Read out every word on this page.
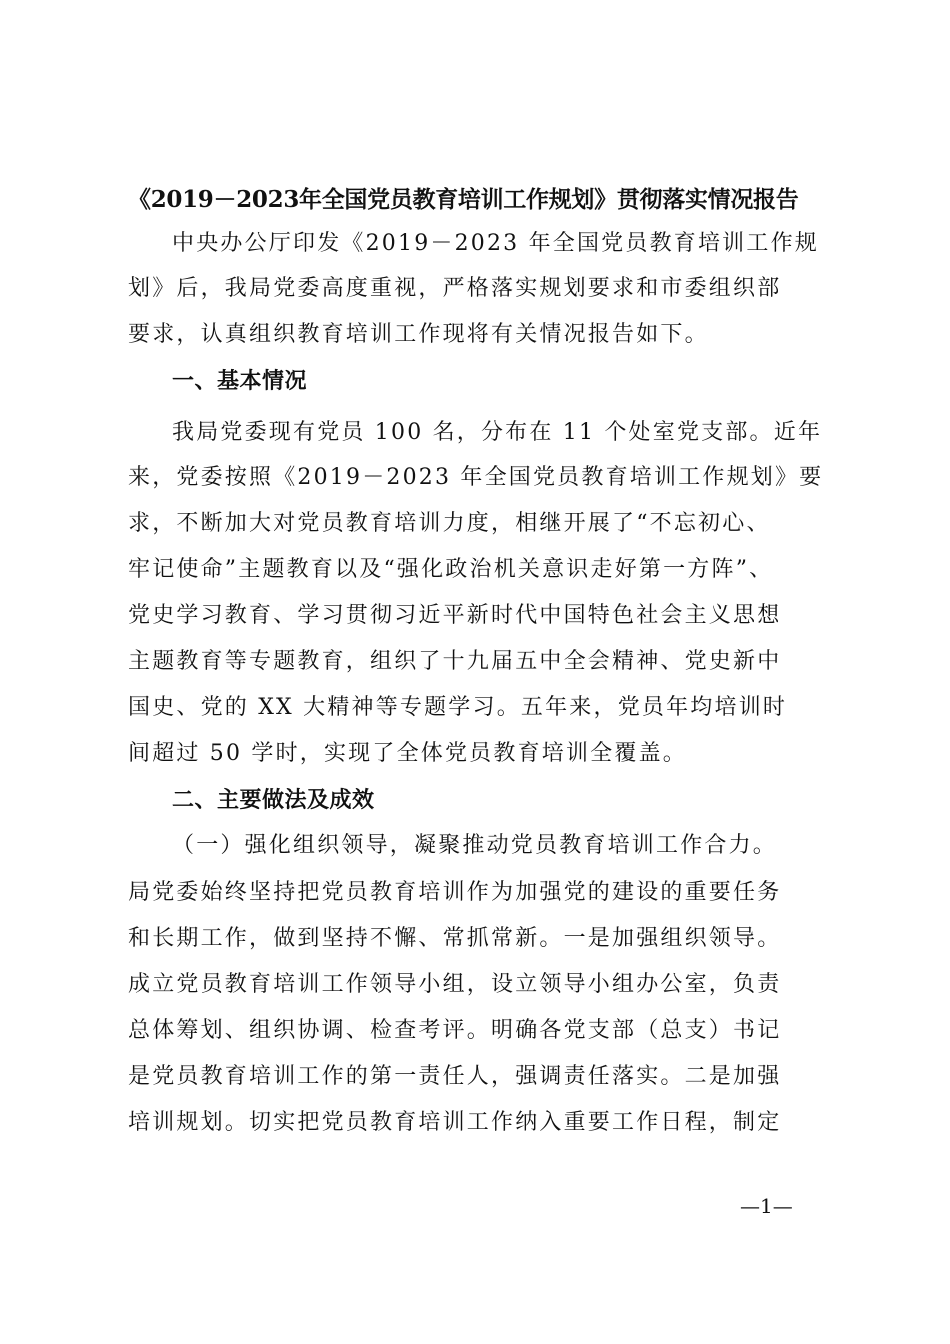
《2019－2023年全国党员教育培训工作规划》贯彻落实情况报告
中央办公厅印发《2019－2023 年全国党员教育培训工作规
划》后，我局党委高度重视，严格落实规划要求和市委组织部
要求，认真组织教育培训工作现将有关情况报告如下。
一、基本情况
我局党委现有党员 100 名，分布在 11 个处室党支部。近年
来，党委按照《2019－2023 年全国党员教育培训工作规划》要
求，不断加大对党员教育培训力度，相继开展了“不忘初心、
牢记使命”主题教育以及“强化政治机关意识走好第一方阵”、
党史学习教育、学习贯彻习近平新时代中国特色社会主义思想
主题教育等专题教育，组织了十九届五中全会精神、党史新中
国史、党的 XX 大精神等专题学习。五年来，党员年均培训时
间超过 50 学时，实现了全体党员教育培训全覆盖。
二、主要做法及成效
（一）强化组织领导，凝聚推动党员教育培训工作合力。
局党委始终坚持把党员教育培训作为加强党的建设的重要任务
和长期工作，做到坚持不懈、常抓常新。一是加强组织领导。
成立党员教育培训工作领导小组，设立领导小组办公室，负责
总体筹划、组织协调、检查考评。明确各党支部（总支）书记
是党员教育培训工作的第一责任人，强调责任落实。二是加强
培训规划。切实把党员教育培训工作纳入重要工作日程，制定
—1—
